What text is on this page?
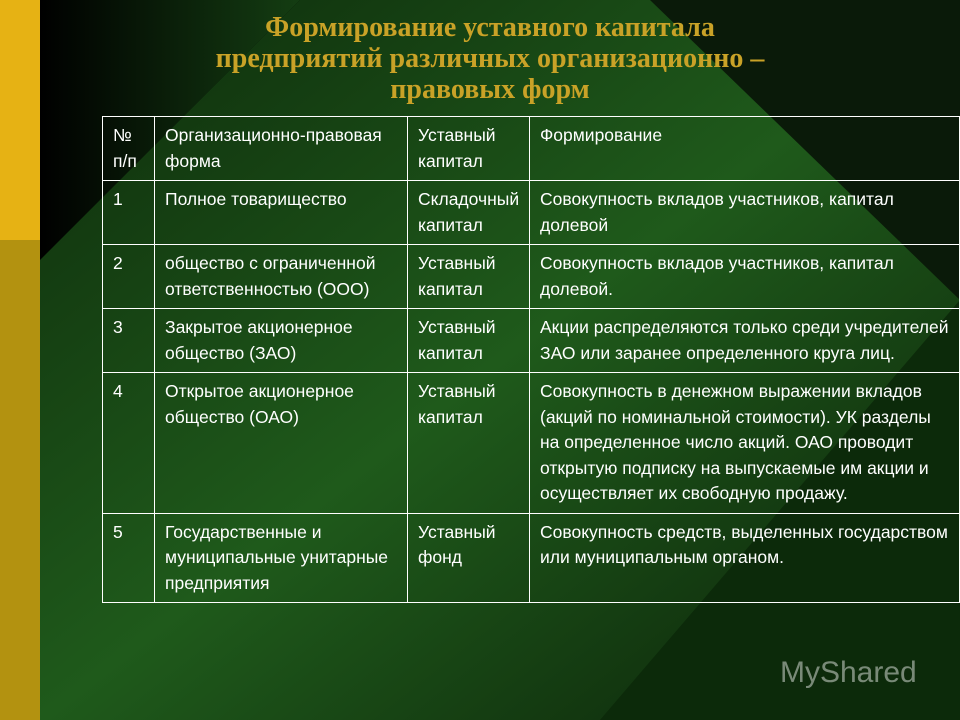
Формирование уставного капитала
предприятий различных организационно –
правовых форм
№ п/п	Организационно-правовая форма	Уставный капитал	Формирование
1	Полное товарищество	Складочный капитал	Совокупность вкладов участников, капитал долевой
2	общество с ограниченной ответственностью (ООО)	Уставный капитал	Совокупность вкладов участников, капитал долевой.
3	Закрытое акционерное общество (ЗАО)	Уставный капитал	Акции распределяются только среди учредителей ЗАО или заранее определенного круга лиц.
4	Открытое акционерное общество (ОАО)	Уставный капитал	Совокупность в денежном выражении вкладов (акций по номинальной стоимости). УК разделы на определенное число акций. ОАО проводит открытую подписку на выпускаемые им акции и осуществляет их свободную продажу.
5	Государственные и муниципальные унитарные предприятия	Уставный фонд	Совокупность средств, выделенных государством или муниципальным органом.
MyShared
